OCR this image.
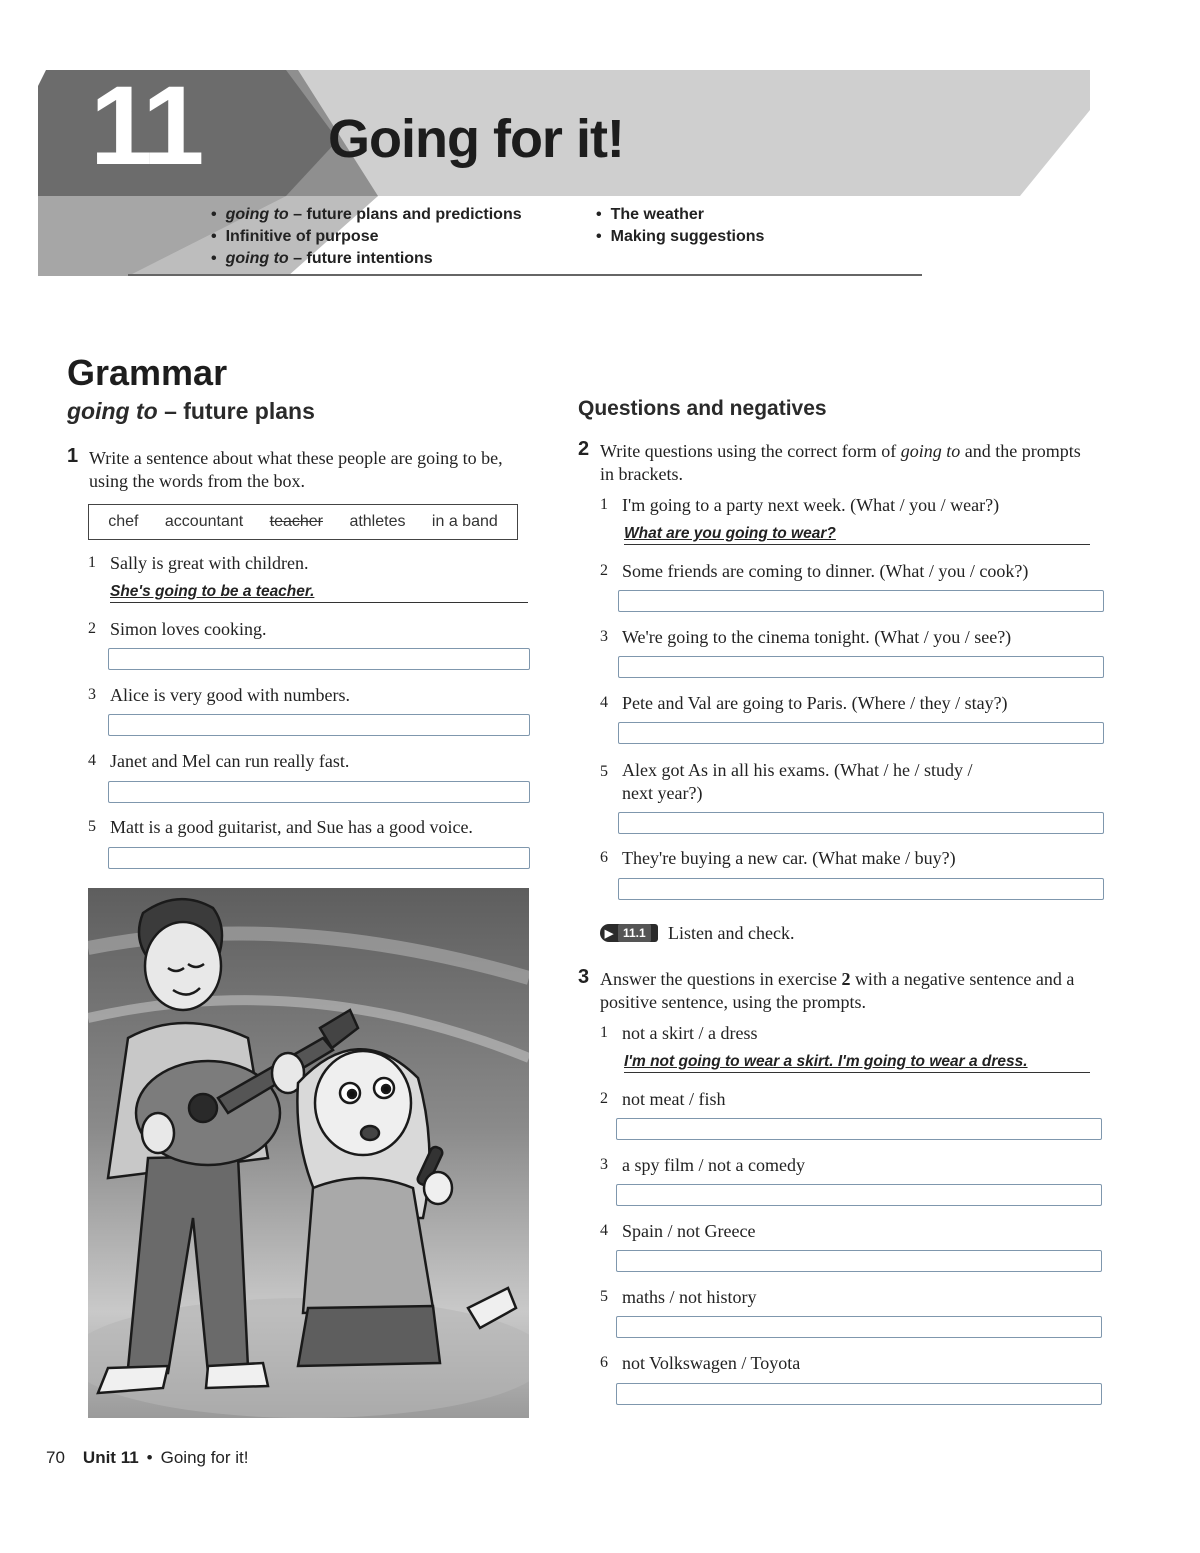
11 Going for it!
• going to – future plans and predictions
• Infinitive of purpose
• going to – future intentions
• The weather
• Making suggestions
Grammar
going to – future plans
1 Write a sentence about what these people are going to be, using the words from the box.
chef accountant teacher athletes in a band
1 Sally is great with children.
She's going to be a teacher.
2 Simon loves cooking.
3 Alice is very good with numbers.
4 Janet and Mel can run really fast.
5 Matt is a good guitarist, and Sue has a good voice.
Questions and negatives
2 Write questions using the correct form of going to and the prompts in brackets.
1 I'm going to a party next week. (What / you / wear?)
What are you going to wear?
2 Some friends are coming to dinner. (What / you / cook?)
3 We're going to the cinema tonight. (What / you / see?)
4 Pete and Val are going to Paris. (Where / they / stay?)
5 Alex got As in all his exams. (What / he / study /
next year?)
6 They're buying a new car. (What make / buy?)
▶ 11.1 Listen and check.
3 Answer the questions in exercise 2 with a negative sentence and a positive sentence, using the prompts.
1 not a skirt / a dress
I'm not going to wear a skirt. I'm going to wear a dress.
2 not meat / fish
3 a spy film / not a comedy
4 Spain / not Greece
5 maths / not history
6 not Volkswagen / Toyota
70 Unit 11 • Going for it!
